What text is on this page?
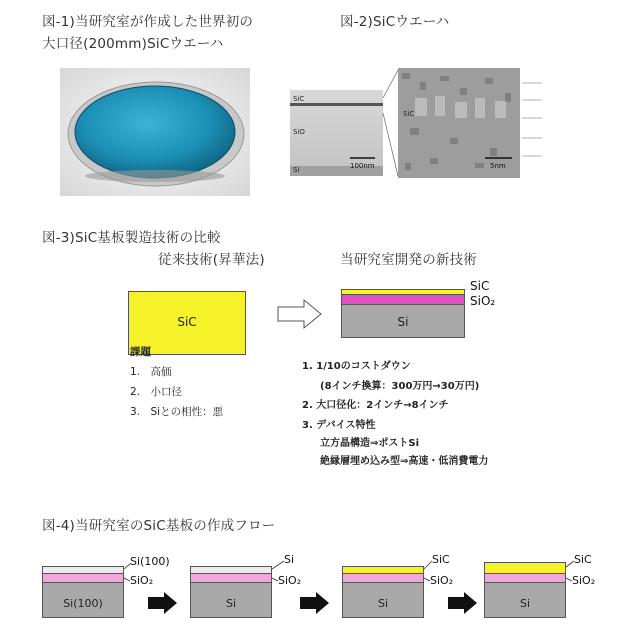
図-1)当研究室が作成した世界初の
大口径(200mm)SiCウエーハ
図-2)SiCウエーハ
SiC
SiO
Si	100nm
SiC
5nm
図-3)SiC基板製造技術の比較
従来技術(昇華法)	当研究室開発の新技術
SiC	Si
SiC
SiO₂
課題
1.　高価
2.　小口径
3.　Siとの相性：悪
1. 1/10のコストダウン
(8インチ換算：300万円→30万円)
2. 大口径化：2インチ→8インチ
3. デバイス特性
立方晶構造⇒ポストSi
絶縁層埋め込み型⇒高速・低消費電力
図-4)当研究室のSiC基板の作成フロー
Si(100)
Si(100)
SiO₂
Si
Si
SiO₂
Si
SiC
SiO₂
Si
SiC
SiO₂
